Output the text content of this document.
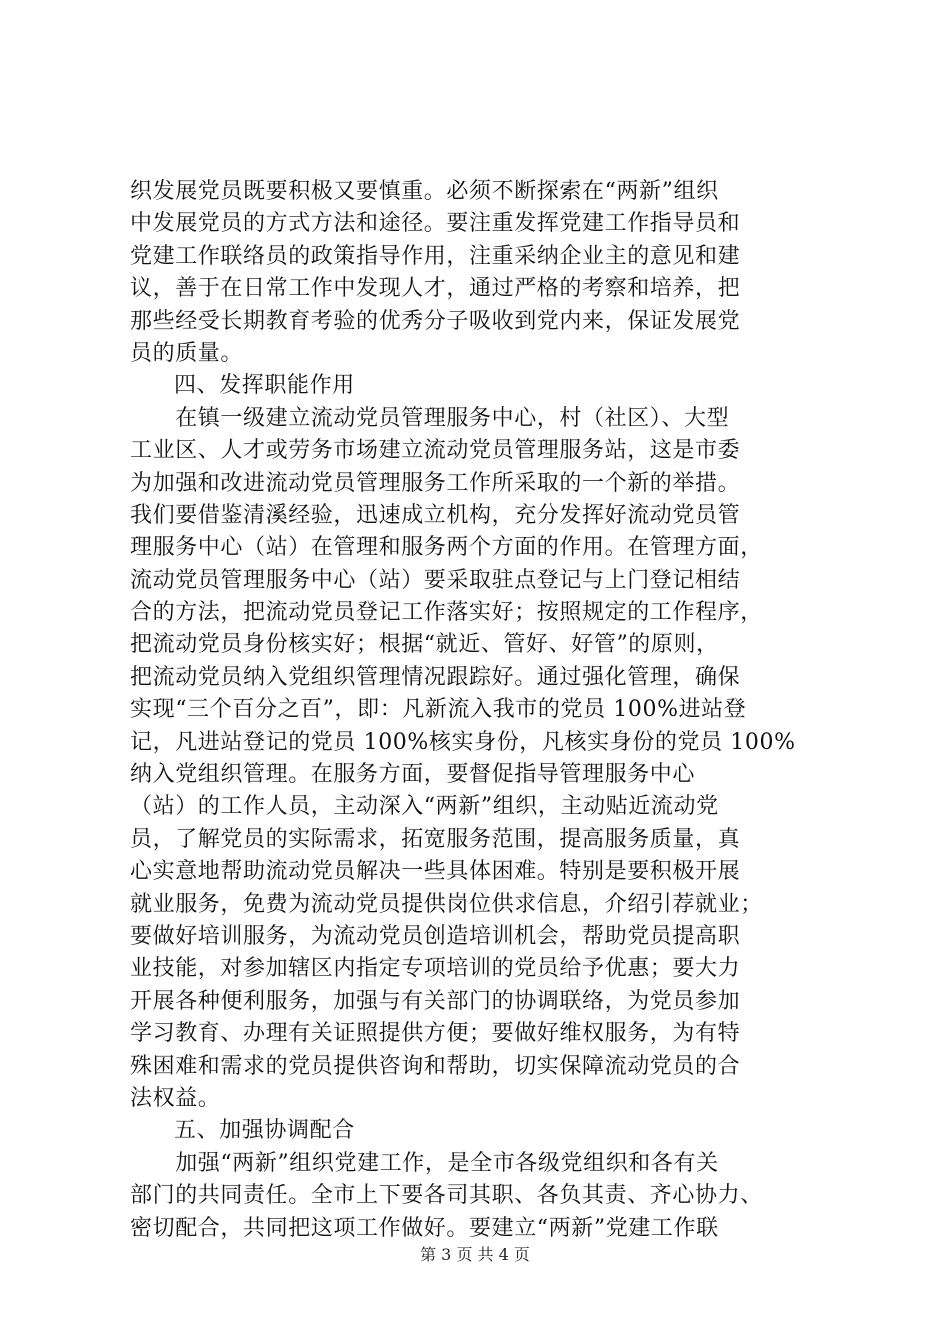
织发展党员既要积极又要慎重。必须不断探索在“两新”组织
中发展党员的方式方法和途径。要注重发挥党建工作指导员和
党建工作联络员的政策指导作用，注重采纳企业主的意见和建
议，善于在日常工作中发现人才，通过严格的考察和培养，把
那些经受长期教育考验的优秀分子吸收到党内来，保证发展党
员的质量。
四、发挥职能作用
　　在镇一级建立流动党员管理服务中心，村（社区）、大型
工业区、人才或劳务市场建立流动党员管理服务站，这是市委
为加强和改进流动党员管理服务工作所采取的一个新的举措。
我们要借鉴清溪经验，迅速成立机构，充分发挥好流动党员管
理服务中心（站）在管理和服务两个方面的作用。在管理方面，
流动党员管理服务中心（站）要采取驻点登记与上门登记相结
合的方法，把流动党员登记工作落实好；按照规定的工作程序，
把流动党员身份核实好；根据“就近、管好、好管”的原则，
把流动党员纳入党组织管理情况跟踪好。通过强化管理，确保
实现“三个百分之百”，即：凡新流入我市的党员 100%进站登
记，凡进站登记的党员 100%核实身份，凡核实身份的党员 100%
纳入党组织管理。在服务方面，要督促指导管理服务中心
（站）的工作人员，主动深入“两新”组织，主动贴近流动党
员，了解党员的实际需求，拓宽服务范围，提高服务质量，真
心实意地帮助流动党员解决一些具体困难。特别是要积极开展
就业服务，免费为流动党员提供岗位供求信息，介绍引荐就业；
要做好培训服务，为流动党员创造培训机会，帮助党员提高职
业技能，对参加辖区内指定专项培训的党员给予优惠；要大力
开展各种便利服务，加强与有关部门的协调联络，为党员参加
学习教育、办理有关证照提供方便；要做好维权服务，为有特
殊困难和需求的党员提供咨询和帮助，切实保障流动党员的合
法权益。
五、加强协调配合
　　加强“两新”组织党建工作，是全市各级党组织和各有关
部门的共同责任。全市上下要各司其职、各负其责、齐心协力、
密切配合，共同把这项工作做好。要建立“两新”党建工作联
第 3 页 共 4 页
